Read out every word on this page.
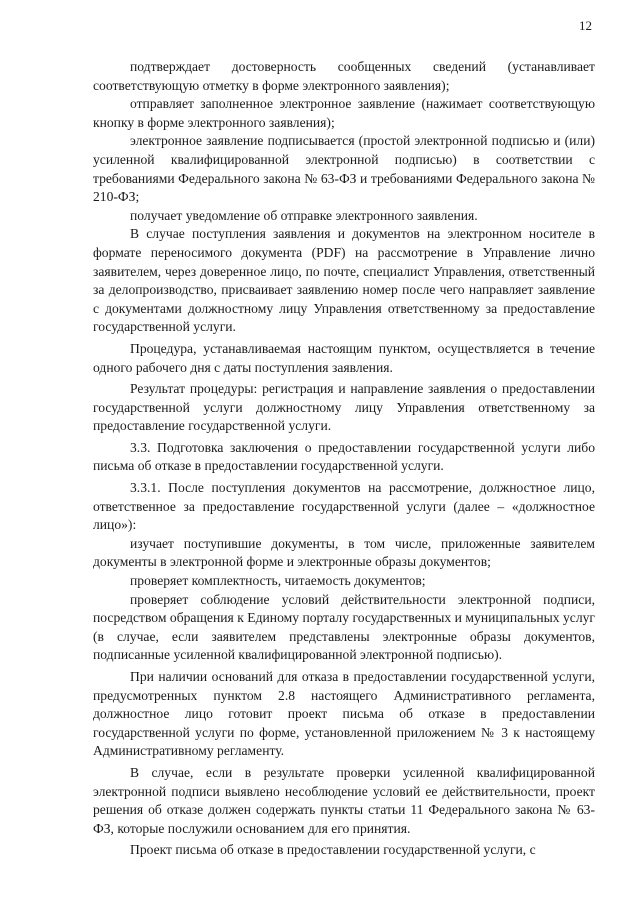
12

подтверждает достоверность сообщенных сведений (устанавливает соответствующую отметку в форме электронного заявления);

отправляет заполненное электронное заявление (нажимает соответствующую кнопку в форме электронного заявления);

электронное заявление подписывается (простой электронной подписью и (или) усиленной квалифицированной электронной подписью) в соответствии с требованиями Федерального закона № 63-ФЗ и требованиями Федерального закона № 210-ФЗ;

получает уведомление об отправке электронного заявления.

В случае поступления заявления и документов на электронном носителе в формате переносимого документа (PDF) на рассмотрение в Управление лично заявителем, через доверенное лицо, по почте, специалист Управления, ответственный за делопроизводство, присваивает заявлению номер после чего направляет заявление с документами должностному лицу Управления ответственному за предоставление государственной услуги.

Процедура, устанавливаемая настоящим пунктом, осуществляется в течение одного рабочего дня с даты поступления заявления.

Результат процедуры: регистрация и направление заявления о предоставлении государственной услуги должностному лицу Управления ответственному за предоставление государственной услуги.

3.3. Подготовка заключения о предоставлении государственной услуги либо письма об отказе в предоставлении государственной услуги.

3.3.1. После поступления документов на рассмотрение, должностное лицо, ответственное за предоставление государственной услуги (далее – «должностное лицо»):

изучает поступившие документы, в том числе, приложенные заявителем документы в электронной форме и электронные образы документов;

проверяет комплектность, читаемость документов;

проверяет соблюдение условий действительности электронной подписи, посредством обращения к Единому порталу государственных и муниципальных услуг (в случае, если заявителем представлены электронные образы документов, подписанные усиленной квалифицированной электронной подписью).

При наличии оснований для отказа в предоставлении государственной услуги, предусмотренных пунктом 2.8 настоящего Административного регламента, должностное лицо готовит проект письма об отказе в предоставлении государственной услуги по форме, установленной приложением № 3 к настоящему Административному регламенту.

В случае, если в результате проверки усиленной квалифицированной электронной подписи выявлено несоблюдение условий ее действительности, проект решения об отказе должен содержать пункты статьи 11 Федерального закона № 63-ФЗ, которые послужили основанием для его принятия.

Проект письма об отказе в предоставлении государственной услуги, с
